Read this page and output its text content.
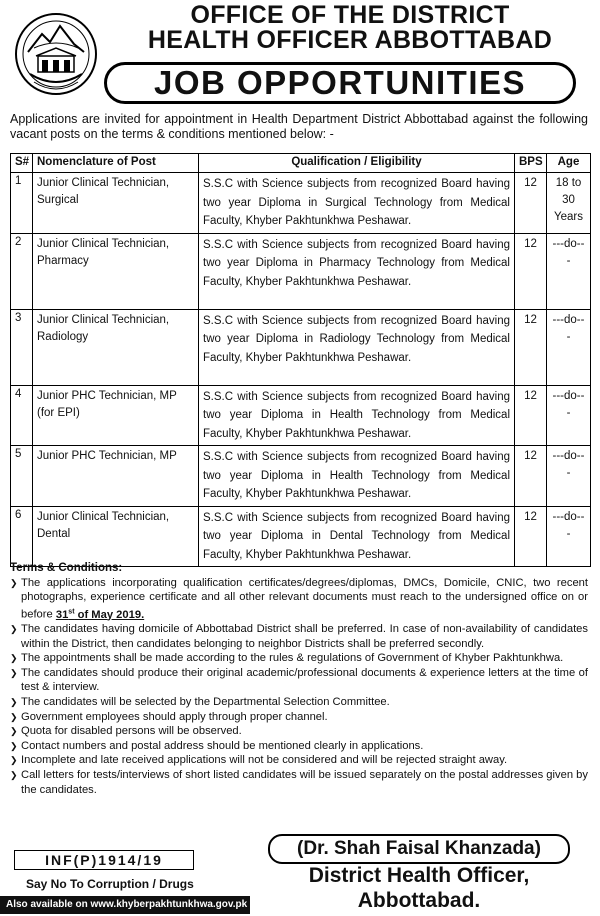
OFFICE OF THE DISTRICT
HEALTH OFFICER ABBOTTABAD
JOB OPPORTUNITIES
Applications are invited for appointment in Health Department District Abbottabad against the following vacant posts on the terms & conditions mentioned below: -
S#	Nomenclature of Post	Qualification / Eligibility	BPS	Age
1	Junior Clinical Technician, Surgical	S.S.C with Science subjects from recognized Board having two year Diploma in Surgical Technology from Medical Faculty, Khyber Pakhtunkhwa Peshawar.	12	18 to 30 Years
2	Junior Clinical Technician, Pharmacy	S.S.C with Science subjects from recognized Board having two year Diploma in Pharmacy Technology from Medical Faculty, Khyber Pakhtunkhwa Peshawar.	12	---do---
3	Junior Clinical Technician, Radiology	S.S.C with Science subjects from recognized Board having two year Diploma in Radiology Technology from Medical Faculty, Khyber Pakhtunkhwa Peshawar.	12	---do---
4	Junior PHC Technician, MP (for EPI)	S.S.C with Science subjects from recognized Board having two year Diploma in Health Technology from Medical Faculty, Khyber Pakhtunkhwa Peshawar.	12	---do---
5	Junior PHC Technician, MP	S.S.C with Science subjects from recognized Board having two year Diploma in Health Technology from Medical Faculty, Khyber Pakhtunkhwa Peshawar.	12	---do---
6	Junior Clinical Technician, Dental	S.S.C with Science subjects from recognized Board having two year Diploma in Dental Technology from Medical Faculty, Khyber Pakhtunkhwa Peshawar.	12	---do---
Terms & Conditions:
❯ The applications incorporating qualification certificates/degrees/diplomas, DMCs, Domicile, CNIC, two recent photographs, experience certificate and all other relevant documents must reach to the undersigned office on or before 31st of May 2019.
❯ The candidates having domicile of Abbottabad District shall be preferred. In case of non-availability of candidates within the District, then candidates belonging to neighbor Districts shall be preferred secondly.
❯ The appointments shall be made according to the rules & regulations of Government of Khyber Pakhtunkhwa.
❯ The candidates should produce their original academic/professional documents & experience letters at the time of test & interview.
❯ The candidates will be selected by the Departmental Selection Committee.
❯ Government employees should apply through proper channel.
❯ Quota for disabled persons will be observed.
❯ Contact numbers and postal address should be mentioned clearly in applications.
❯ Incomplete and late received applications will not be considered and will be rejected straight away.
❯ Call letters for tests/interviews of short listed candidates will be issued separately on the postal addresses given by the candidates.
INF(P)1914/19
Say No To Corruption / Drugs
Also available on www.khyberpakhtunkhwa.gov.pk
(Dr. Shah Faisal Khanzada)
District Health Officer,
Abbottabad.
